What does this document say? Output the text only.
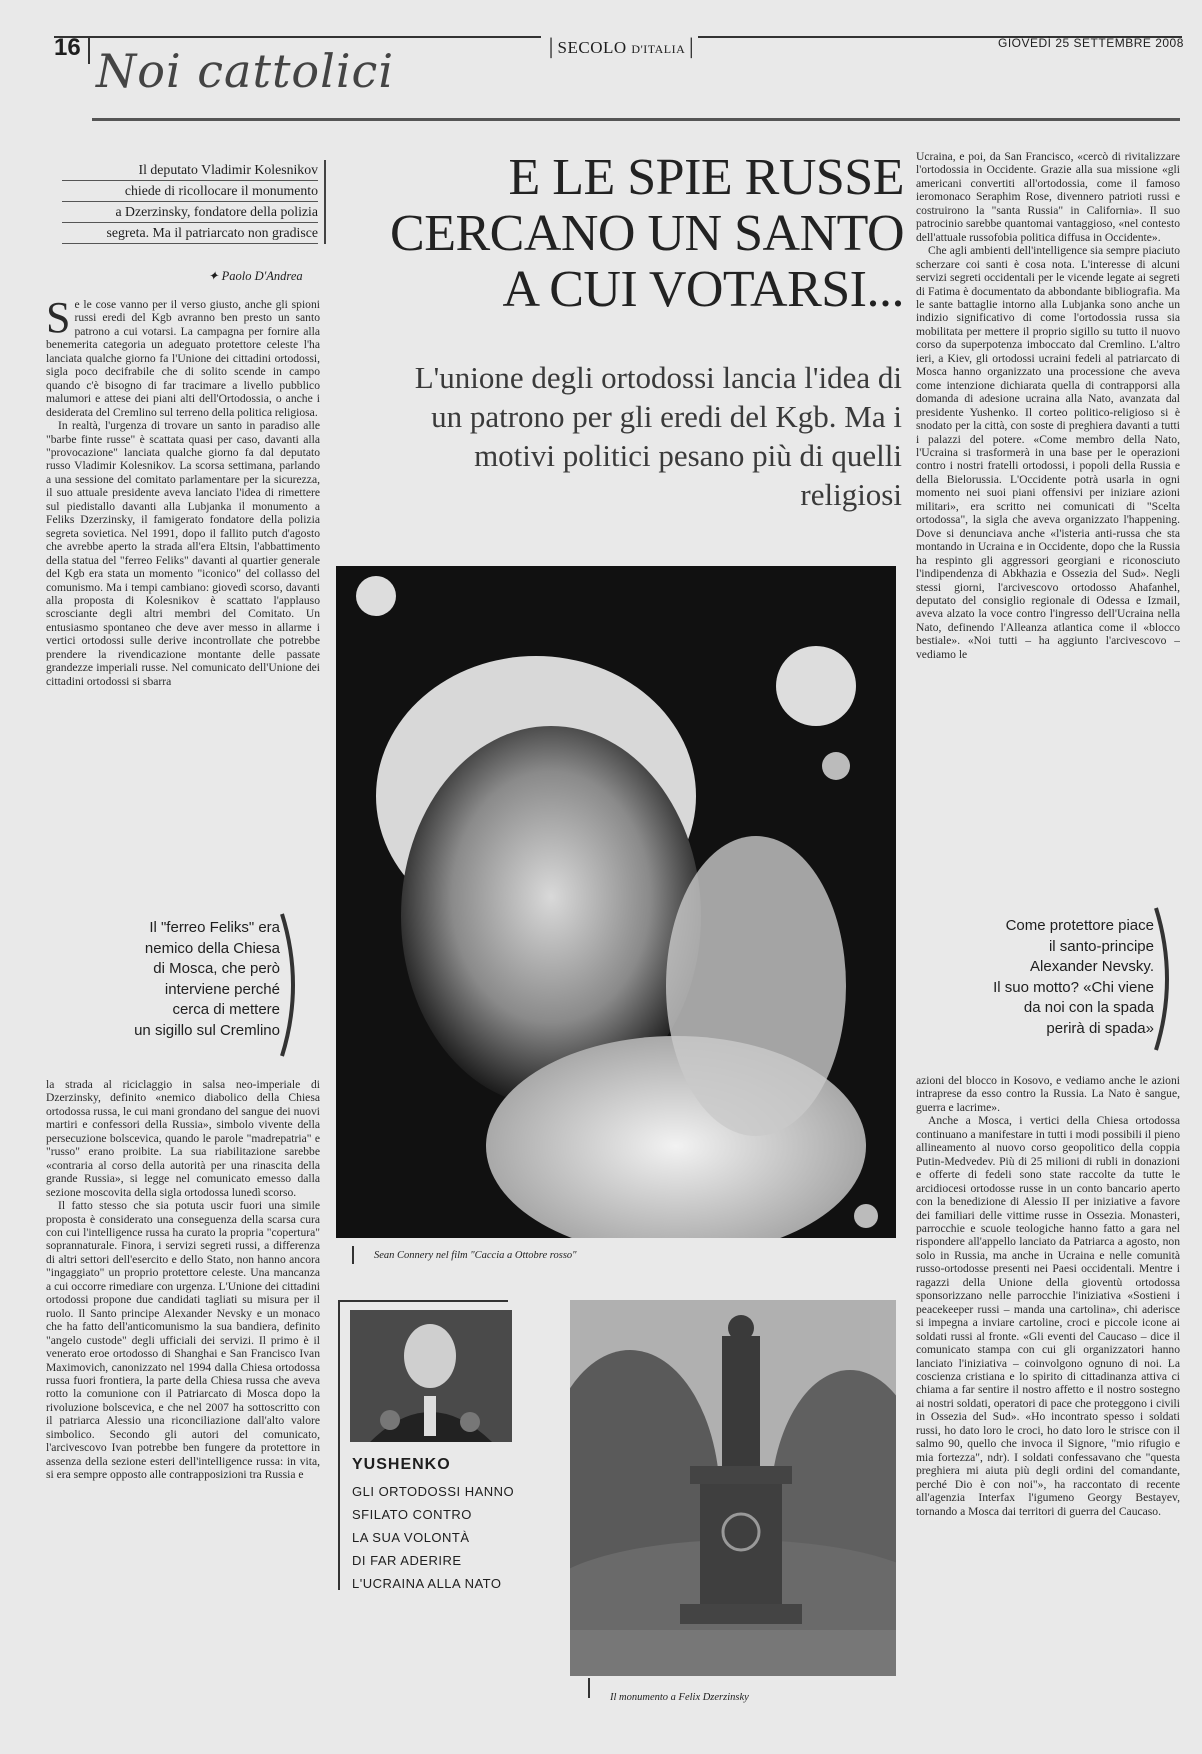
16 Noi cattolici	│SECOLO D'ITALIA│	GIOVEDÌ 25 SETTEMBRE 2008
Il deputato Vladimir Kolesnikov
chiede di ricollocare il monumento
a Dzerzinsky, fondatore della polizia
segreta. Ma il patriarcato non gradisce
✦ Paolo D'Andrea
E LE SPIE RUSSE
CERCANO UN SANTO
A CUI VOTARSI...
L'unione degli ortodossi lancia l'idea di un patrono per gli eredi del Kgb. Ma i motivi politici pesano più di quelli religiosi
S e le cose vanno per il verso giusto, anche gli spioni russi eredi del Kgb avranno ben presto un santo patrono a cui votarsi. La campagna per fornire alla benemerita categoria un adeguato protettore celeste l'ha lanciata qualche giorno fa l'Unione dei cittadini ortodossi, sigla poco decifrabile che di solito scende in campo quando c'è bisogno di far tracimare a livello pubblico malumori e attese dei piani alti dell'Ortodossia, o anche i desiderata del Cremlino sul terreno della politica religiosa.

In realtà, l'urgenza di trovare un santo in paradiso alle "barbe finte russe" è scattata quasi per caso, davanti alla "provocazione" lanciata qualche giorno fa dal deputato russo Vladimir Kolesnikov. La scorsa settimana, parlando a una sessione del comitato parlamentare per la sicurezza, il suo attuale presidente aveva lanciato l'idea di rimettere sul piedistallo davanti alla Lubjanka il monumento a Feliks Dzerzinsky, il famigerato fondatore della polizia segreta sovietica. Nel 1991, dopo il fallito putch d'agosto che avrebbe aperto la strada all'era Eltsin, l'abbattimento della statua del "ferreo Feliks" davanti al quartier generale del Kgb era stata un momento "iconico" del collasso del comunismo. Ma i tempi cambiano: giovedì scorso, davanti alla proposta di Kolesnikov è scattato l'applauso scrosciante degli altri membri del Comitato. Un entusiasmo spontaneo che deve aver messo in allarme i vertici ortodossi sulle derive incontrollate che potrebbe prendere la rivendicazione montante delle passate grandezze imperiali russe. Nel comunicato dell'Unione dei cittadini ortodossi si sbarra

Il "ferreo Feliks" era
nemico della Chiesa
di Mosca, che però
interviene perché
cerca di mettere
un sigillo sul Cremlino

la strada al riciclaggio in salsa neo-imperiale di Dzerzinsky, definito «nemico diabolico della Chiesa ortodossa russa, le cui mani grondano del sangue dei nuovi martiri e confessori della Russia», simbolo vivente della persecuzione bolscevica, quando le parole "madrepatria" e "russo" erano proibite. La sua riabilitazione sarebbe «contraria al corso della autorità per una rinascita della grande Russia», si legge nel comunicato emesso dalla sezione moscovita della sigla ortodossa lunedì scorso.

Il fatto stesso che sia potuta uscir fuori una simile proposta è considerato una conseguenza della scarsa cura con cui l'intelligence russa ha curato la propria "copertura" soprannaturale. Finora, i servizi segreti russi, a differenza di altri settori dell'esercito e dello Stato, non hanno ancora "ingaggiato" un proprio protettore celeste. Una mancanza a cui occorre rimediare con urgenza. L'Unione dei cittadini ortodossi propone due candidati tagliati su misura per il ruolo. Il Santo principe Alexander Nevsky e un monaco che ha fatto dell'anticomunismo la sua bandiera, definito "angelo custode" degli ufficiali dei servizi. Il primo è il venerato eroe ortodosso di Shanghai e San Francisco Ivan Maximovich, canonizzato nel 1994 dalla Chiesa ortodossa russa fuori frontiera, la parte della Chiesa russa che aveva rotto la comunione con il Patriarcato di Mosca dopo la rivoluzione bolscevica, e che nel 2007 ha sottoscritto con il patriarca Alessio una riconciliazione dall'alto valore simbolico. Secondo gli autori del comunicato, l'arcivescovo Ivan potrebbe ben fungere da protettore in assenza della sezione esteri dell'intelligence russa: in vita, si era sempre opposto alle contrapposizioni tra Russia e

Sean Connery nel film "Caccia a Ottobre rosso"

Ucraina, e poi, da San Francisco, «cercò di rivitalizzare l'ortodossia in Occidente. Grazie alla sua missione «gli americani convertiti all'ortodossia, come il famoso ieromonaco Seraphim Rose, divennero patrioti russi e costruirono la "santa Russia" in California». Il suo patrocinio sarebbe quantomai vantaggioso, «nel contesto dell'attuale russofobia politica diffusa in Occidente».

Che agli ambienti dell'intelligence sia sempre piaciuto scherzare coi santi è cosa nota. L'interesse di alcuni servizi segreti occidentali per le vicende legate ai segreti di Fatima è documentato da abbondante bibliografia. Ma le sante battaglie intorno alla Lubjanka sono anche un indizio significativo di come l'ortodossia russa sia mobilitata per mettere il proprio sigillo su tutto il nuovo corso da superpotenza imboccato dal Cremlino. L'altro ieri, a Kiev, gli ortodossi ucraini fedeli al patriarcato di Mosca hanno organizzato una processione che aveva come intenzione dichiarata quella di contrapporsi alla domanda di adesione ucraina alla Nato, avanzata dal presidente Yushenko. Il corteo politico-religioso si è snodato per la città, con soste di preghiera davanti a tutti i palazzi del potere. «Come membro della Nato, l'Ucraina si trasformerà in una base per le operazioni contro i nostri fratelli ortodossi, i popoli della Russia e della Bielorussia. L'Occidente potrà usarla in ogni momento nei suoi piani offensivi per iniziare azioni militari», era scritto nei comunicati di "Scelta ortodossa", la sigla che aveva organizzato l'happening. Dove si denunciava anche «l'isteria anti-russa che sta montando in Ucraina e in Occidente, dopo che la Russia ha respinto gli aggressori georgiani e riconosciuto l'indipendenza di Abkhazia e Ossezia del Sud». Negli stessi giorni, l'arcivescovo ortodosso Ahafanhel, deputato del consiglio regionale di Odessa e Izmail, aveva alzato la voce contro l'ingresso dell'Ucraina nella Nato, definendo l'Alleanza atlantica come il «blocco bestiale». «Noi tutti – ha aggiunto l'arcivescovo – vediamo le

Come protettore piace
il santo-principe
Alexander Nevsky.
Il suo motto? «Chi viene
da noi con la spada
perirà di spada»

azioni del blocco in Kosovo, e vediamo anche le azioni intraprese da esso contro la Russia. La Nato è sangue, guerra e lacrime».

Anche a Mosca, i vertici della Chiesa ortodossa continuano a manifestare in tutti i modi possibili il pieno allineamento al nuovo corso geopolitico della coppia Putin-Medvedev. Più di 25 milioni di rubli in donazioni e offerte di fedeli sono state raccolte da tutte le arcidiocesi ortodosse russe in un conto bancario aperto con la benedizione di Alessio II per iniziative a favore dei familiari delle vittime russe in Ossezia. Monasteri, parrocchie e scuole teologiche hanno fatto a gara nel rispondere all'appello lanciato da Patriarca a agosto, non solo in Russia, ma anche in Ucraina e nelle comunità russo-ortodosse presenti nei Paesi occidentali. Mentre i ragazzi della Unione della gioventù ortodossa sponsorizzano nelle parrocchie l'iniziativa «Sostieni i peacekeeper russi – manda una cartolina», chi aderisce si impegna a inviare cartoline, croci e piccole icone ai soldati russi al fronte. «Gli eventi del Caucaso – dice il comunicato stampa con cui gli organizzatori hanno lanciato l'iniziativa – coinvolgono ognuno di noi. La coscienza cristiana e lo spirito di cittadinanza attiva ci chiama a far sentire il nostro affetto e il nostro sostegno ai nostri soldati, operatori di pace che proteggono i civili in Ossezia del Sud». «Ho incontrato spesso i soldati russi, ho dato loro le croci, ho dato loro le strisce con il salmo 90, quello che invoca il Signore, "mio rifugio e mia fortezza", ndr). I soldati confessavano che "questa preghiera mi aiuta più degli ordini del comandante, perché Dio è con noi"», ha raccontato di recente all'agenzia Interfax l'igumeno Georgy Bestayev, tornando a Mosca dai territori di guerra del Caucaso.

YUSHENKO
GLI ORTODOSSI HANNO
SFILATO CONTRO
LA SUA VOLONTÀ
DI FAR ADERIRE
L'UCRAINA ALLA NATO
Il monumento a Felix Dzerzinsky
